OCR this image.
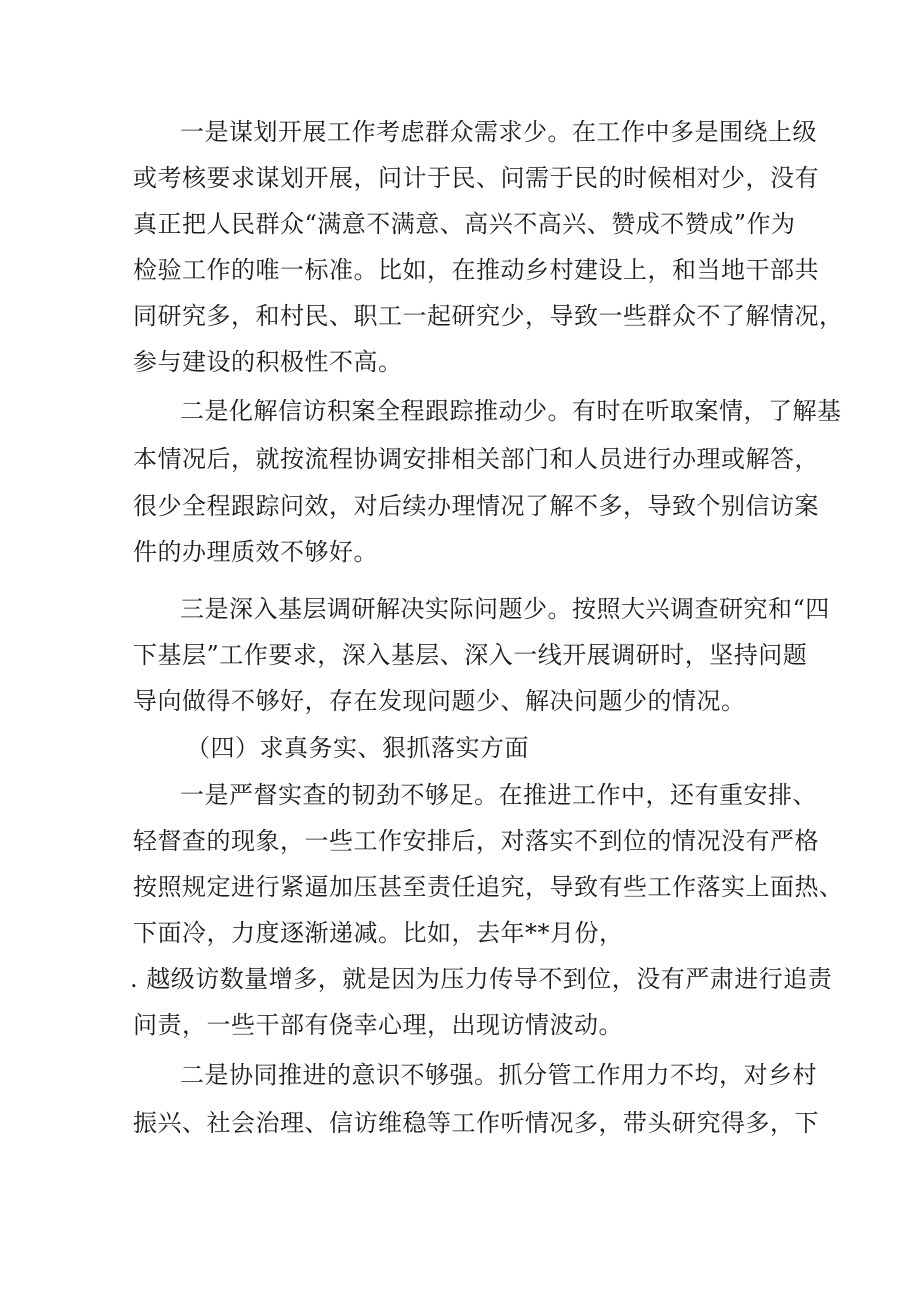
一是谋划开展工作考虑群众需求少。在工作中多是围绕上级
或考核要求谋划开展，问计于民、问需于民的时候相对少，没有
真正把人民群众“满意不满意、高兴不高兴、赞成不赞成”作为
检验工作的唯一标准。比如，在推动乡村建设上，和当地干部共
同研究多，和村民、职工一起研究少，导致一些群众不了解情况，
参与建设的积极性不高。
二是化解信访积案全程跟踪推动少。有时在听取案情，了解基
本情况后，就按流程协调安排相关部门和人员进行办理或解答，
很少全程跟踪问效，对后续办理情况了解不多，导致个别信访案
件的办理质效不够好。
三是深入基层调研解决实际问题少。按照大兴调查研究和“四
下基层”工作要求，深入基层、深入一线开展调研时，坚持问题
导向做得不够好，存在发现问题少、解决问题少的情况。
（四）求真务实、狠抓落实方面
一是严督实查的韧劲不够足。在推进工作中，还有重安排、
轻督查的现象，一些工作安排后，对落实不到位的情况没有严格
按照规定进行紧逼加压甚至责任追究，导致有些工作落实上面热、
下面冷，力度逐渐递减。比如，去年**月份，
. 越级访数量增多，就是因为压力传导不到位，没有严肃进行追责
问责，一些干部有侥幸心理，出现访情波动。
二是协同推进的意识不够强。抓分管工作用力不均，对乡村
振兴、社会治理、信访维稳等工作听情况多，带头研究得多，下
